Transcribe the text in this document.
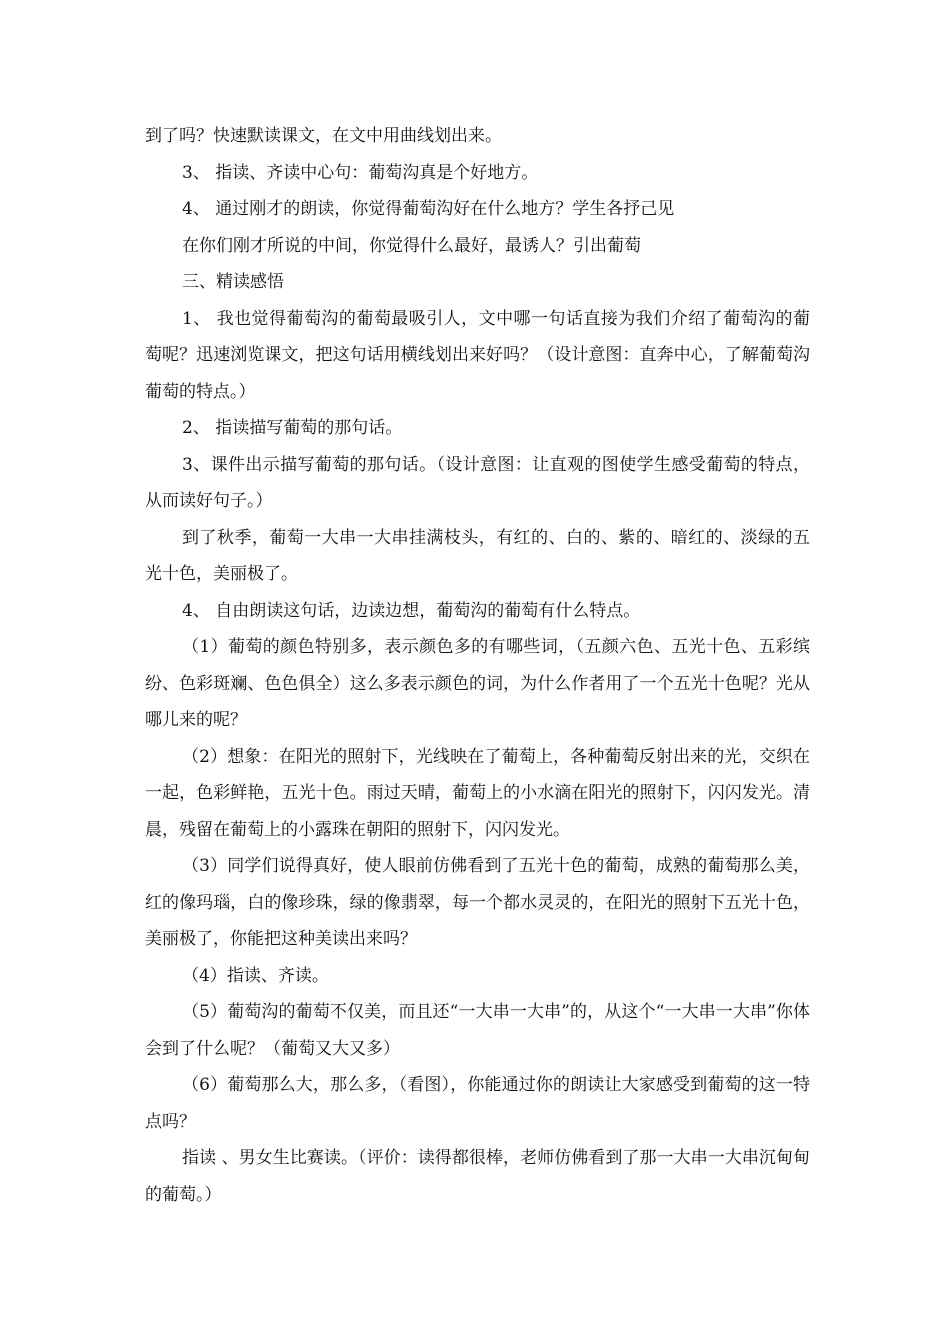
到了吗？快速默读课文，在文中用曲线划出来。

3、 指读、齐读中心句：葡萄沟真是个好地方。

4、 通过刚才的朗读，你觉得葡萄沟好在什么地方？学生各抒己见

在你们刚才所说的中间，你觉得什么最好，最诱人？引出葡萄

三、精读感悟

1、 我也觉得葡萄沟的葡萄最吸引人，文中哪一句话直接为我们介绍了葡萄沟的葡萄呢？迅速浏览课文，把这句话用横线划出来好吗？（设计意图：直奔中心，了解葡萄沟葡萄的特点。）

2、 指读描写葡萄的那句话。

3、课件出示描写葡萄的那句话。（设计意图：让直观的图使学生感受葡萄的特点，从而读好句子。）

到了秋季，葡萄一大串一大串挂满枝头，有红的、白的、紫的、暗红的、淡绿的五光十色，美丽极了。

4、 自由朗读这句话，边读边想，葡萄沟的葡萄有什么特点。

（1）葡萄的颜色特别多，表示颜色多的有哪些词，（五颜六色、五光十色、五彩缤纷、色彩斑斓、色色俱全）这么多表示颜色的词，为什么作者用了一个五光十色呢？光从哪儿来的呢？

（2）想象：在阳光的照射下，光线映在了葡萄上，各种葡萄反射出来的光，交织在一起，色彩鲜艳，五光十色。雨过天晴，葡萄上的小水滴在阳光的照射下，闪闪发光。清晨，残留在葡萄上的小露珠在朝阳的照射下，闪闪发光。

（3）同学们说得真好，使人眼前仿佛看到了五光十色的葡萄，成熟的葡萄那么美，红的像玛瑙，白的像珍珠，绿的像翡翠，每一个都水灵灵的，在阳光的照射下五光十色，美丽极了，你能把这种美读出来吗？

（4）指读、齐读。

（5）葡萄沟的葡萄不仅美，而且还“一大串一大串”的，从这个“一大串一大串”你体会到了什么呢？（葡萄又大又多）

（6）葡萄那么大，那么多，（看图），你能通过你的朗读让大家感受到葡萄的这一特点吗？

指读 、男女生比赛读。（评价：读得都很棒，老师仿佛看到了那一大串一大串沉甸甸的葡萄。）
